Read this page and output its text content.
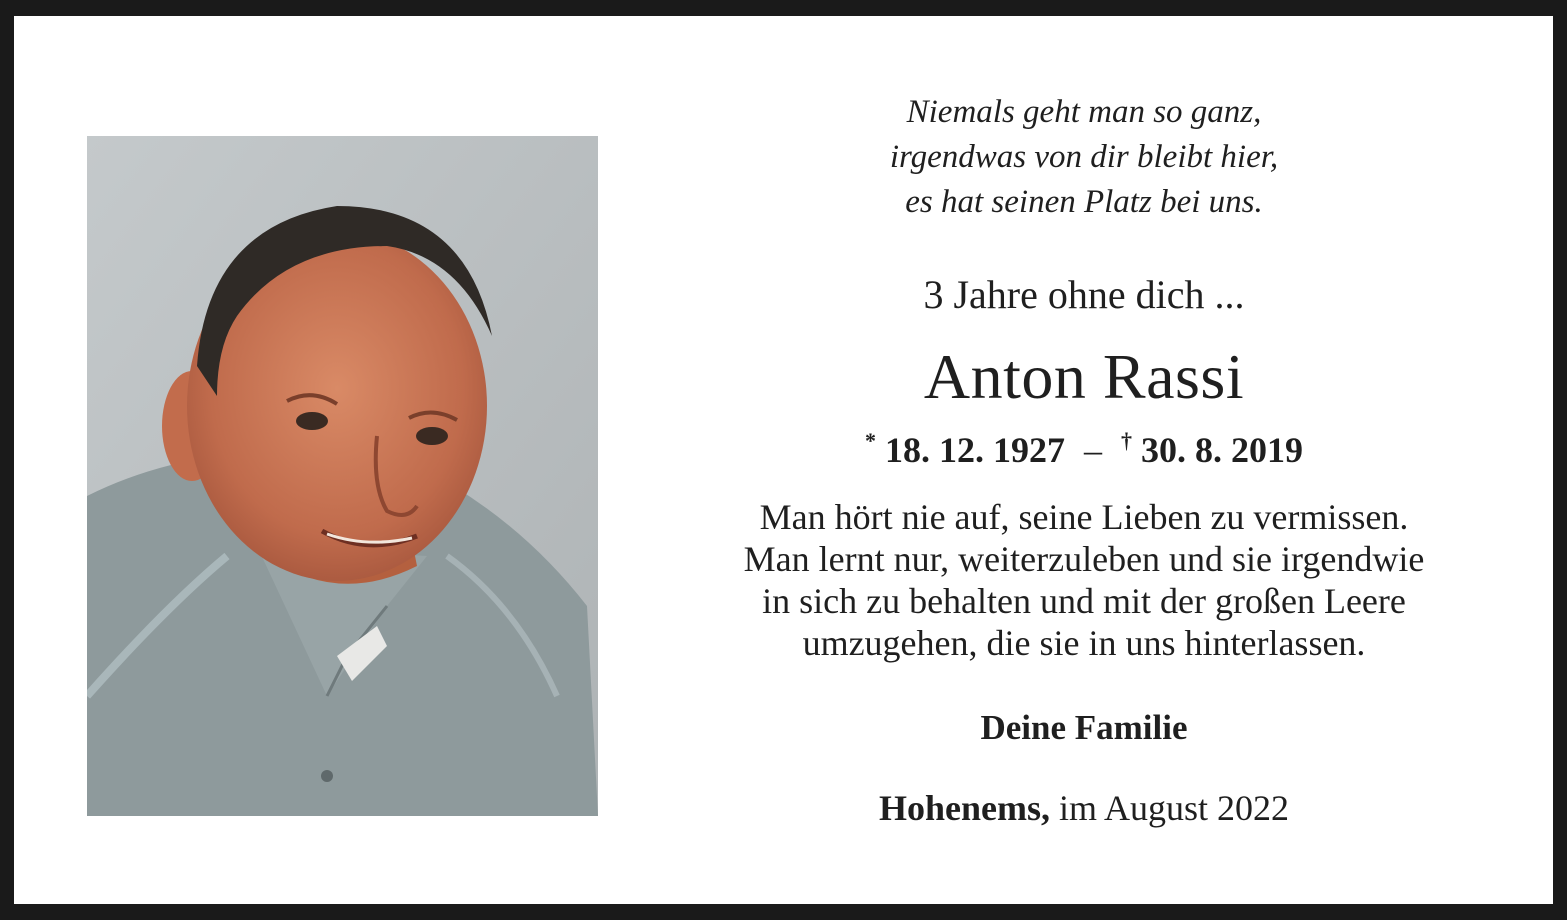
Niemals geht man so ganz,
irgendwas von dir bleibt hier,
es hat seinen Platz bei uns.
3 Jahre ohne dich ...
Anton Rassi
* 18. 12. 1927 – † 30. 8. 2019
Man hört nie auf, seine Lieben zu vermissen.
Man lernt nur, weiterzuleben und sie irgendwie
in sich zu behalten und mit der großen Leere
umzugehen, die sie in uns hinterlassen.
Deine Familie
Hohenems, im August 2022
